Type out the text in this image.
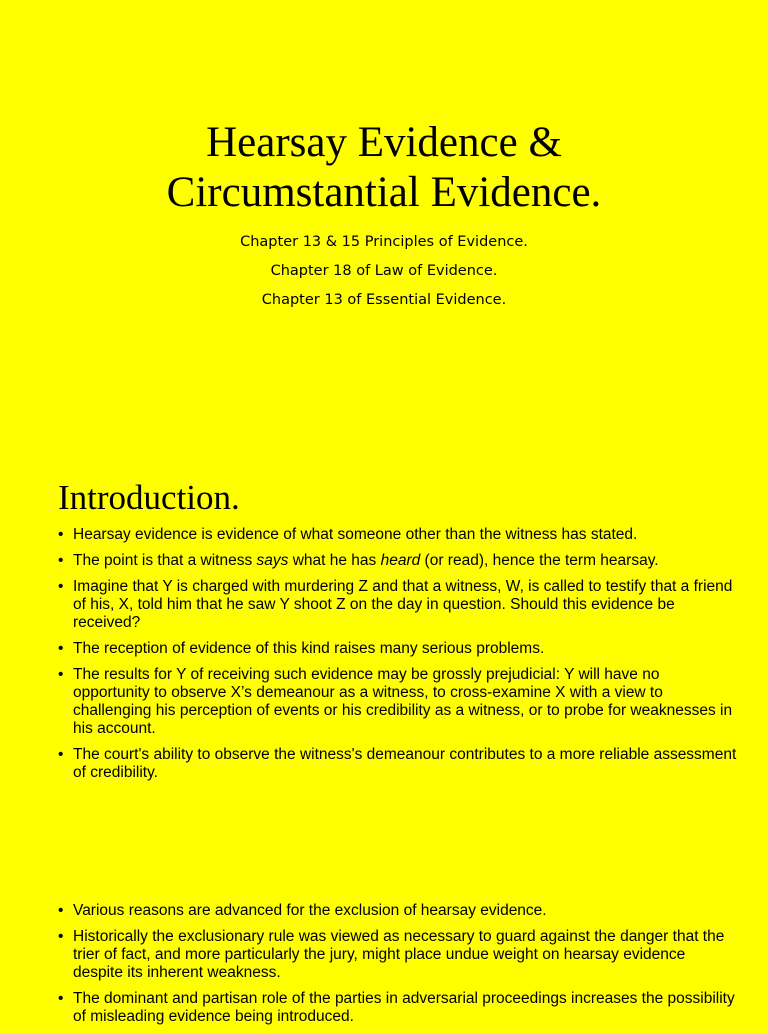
Hearsay Evidence &
Circumstantial Evidence.
Chapter 13 & 15 Principles of Evidence.
Chapter 18 of Law of Evidence.
Chapter 13 of Essential Evidence.
Introduction.
• Hearsay evidence is evidence of what someone other than the witness has stated.
• The point is that a witness says what he has heard (or read), hence the term hearsay.
• Imagine that Y is charged with murdering Z and that a witness, W, is called to testify that a friend of his, X, told him that he saw Y shoot Z on the day in question. Should this evidence be received?
• The reception of evidence of this kind raises many serious problems.
• The results for Y of receiving such evidence may be grossly prejudicial: Y will have no opportunity to observe X’s demeanour as a witness, to cross-examine X with a view to challenging his perception of events or his credibility as a witness, or to probe for weaknesses in his account.
• The court's ability to observe the witness's demeanour contributes to a more reliable assessment of credibility.
• Various reasons are advanced for the exclusion of hearsay evidence.
• Historically the exclusionary rule was viewed as necessary to guard against the danger that the trier of fact, and more particularly the jury, might place undue weight on hearsay evidence despite its inherent weakness.
• The dominant and partisan role of the parties in adversarial proceedings increases the possibility of misleading evidence being introduced.
